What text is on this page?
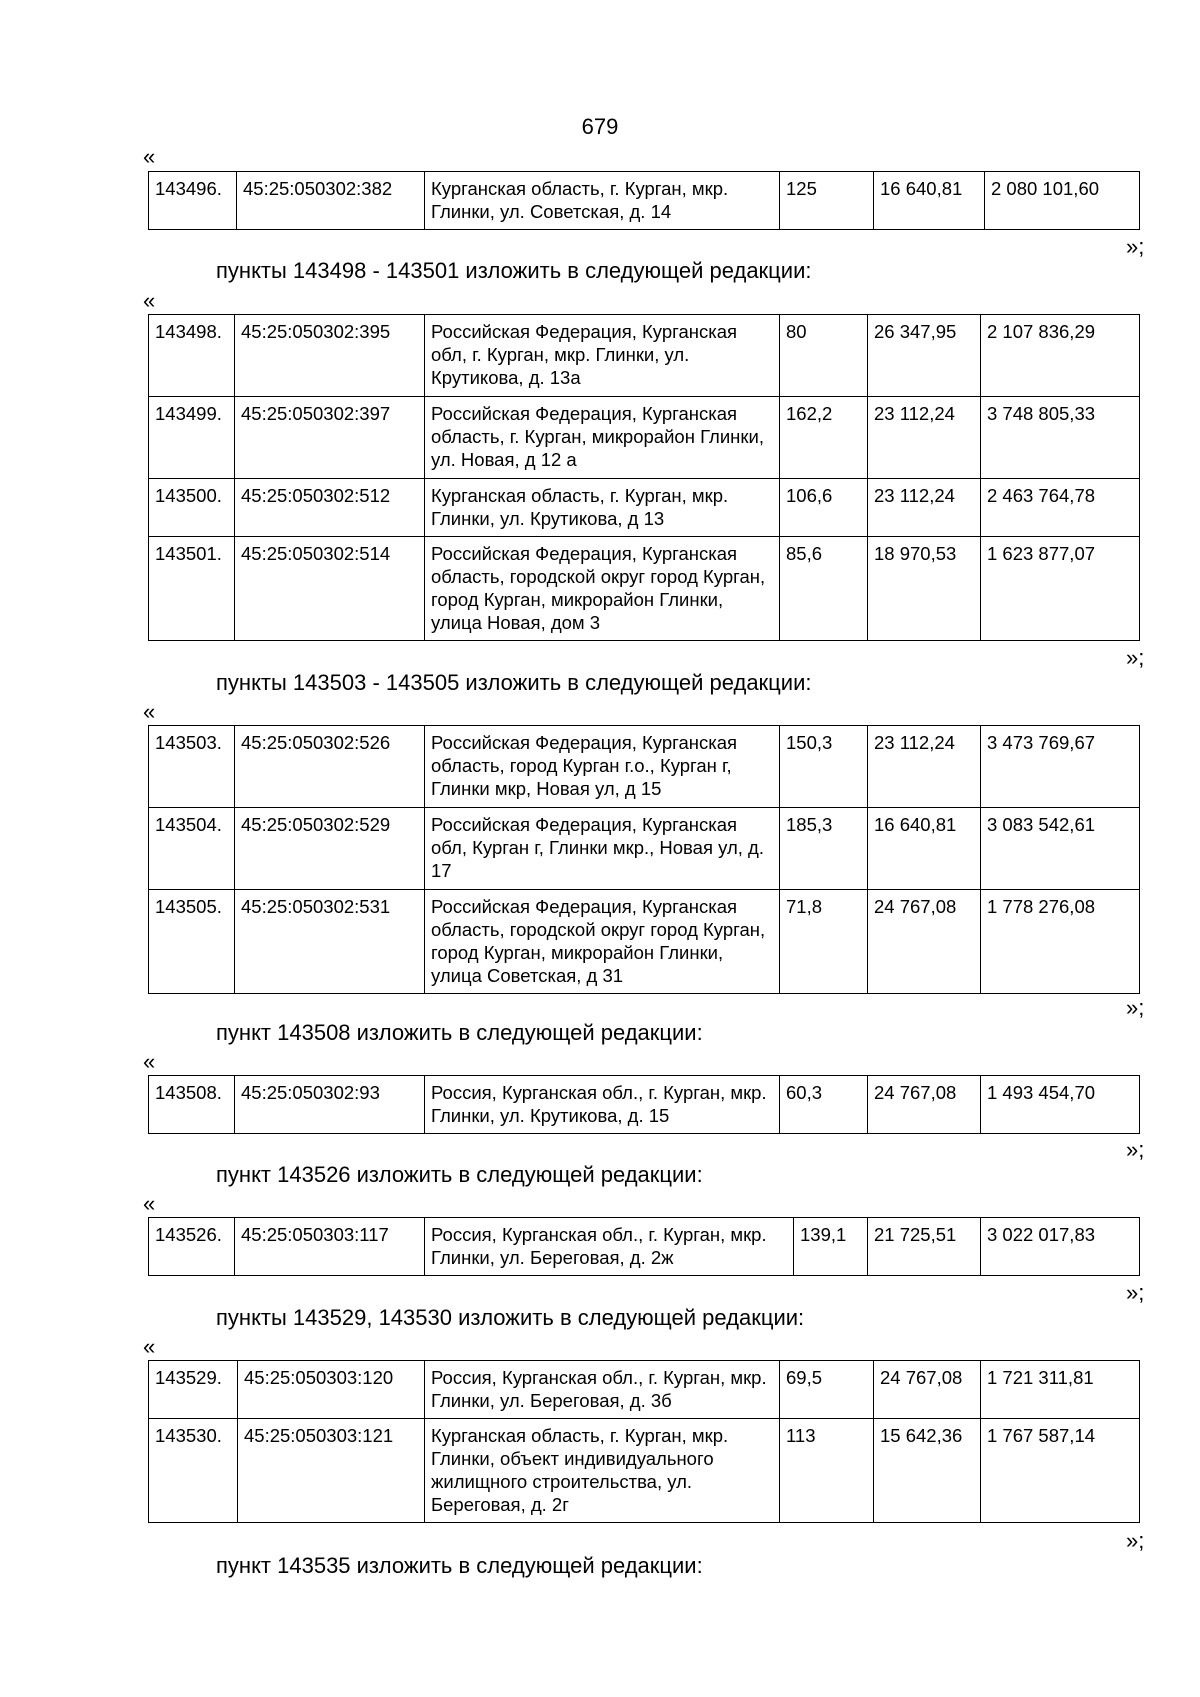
679
«
143496.	45:25:050302:382	Курганская область, г. Курган, мкр. Глинки, ул. Советская, д. 14	125	16 640,81	2 080 101,60
»;
пункты 143498 - 143501 изложить в следующей редакции:
«
143498.	45:25:050302:395	Российская Федерация, Курганская обл, г. Курган, мкр. Глинки, ул. Крутикова, д. 13а	80	26 347,95	2 107 836,29
143499.	45:25:050302:397	Российская Федерация, Курганская область, г. Курган, микрорайон Глинки, ул. Новая, д 12 а	162,2	23 112,24	3 748 805,33
143500.	45:25:050302:512	Курганская область, г. Курган, мкр. Глинки, ул. Крутикова, д 13	106,6	23 112,24	2 463 764,78
143501.	45:25:050302:514	Российская Федерация, Курганская область, городской округ город Курган, город Курган, микрорайон Глинки, улица Новая, дом 3	85,6	18 970,53	1 623 877,07
»;
пункты 143503 - 143505 изложить в следующей редакции:
«
143503.	45:25:050302:526	Российская Федерация, Курганская область, город Курган г.о., Курган г, Глинки мкр, Новая ул, д 15	150,3	23 112,24	3 473 769,67
143504.	45:25:050302:529	Российская Федерация, Курганская обл, Курган г, Глинки мкр., Новая ул, д. 17	185,3	16 640,81	3 083 542,61
143505.	45:25:050302:531	Российская Федерация, Курганская область, городской округ город Курган, город Курган, микрорайон Глинки, улица Советская, д 31	71,8	24 767,08	1 778 276,08
»;
пункт 143508 изложить в следующей редакции:
«
143508.	45:25:050302:93	Россия, Курганская обл., г. Курган, мкр. Глинки, ул. Крутикова, д. 15	60,3	24 767,08	1 493 454,70
»;
пункт 143526 изложить в следующей редакции:
«
143526.	45:25:050303:117	Россия, Курганская обл., г. Курган, мкр. Глинки, ул. Береговая, д. 2ж	139,1	21 725,51	3 022 017,83
»;
пункты 143529, 143530 изложить в следующей редакции:
«
143529.	45:25:050303:120	Россия, Курганская обл., г. Курган, мкр. Глинки, ул. Береговая, д. 3б	69,5	24 767,08	1 721 311,81
143530.	45:25:050303:121	Курганская область, г. Курган, мкр. Глинки, объект индивидуального жилищного строительства, ул. Береговая, д. 2г	113	15 642,36	1 767 587,14
»;
пункт 143535 изложить в следующей редакции:
